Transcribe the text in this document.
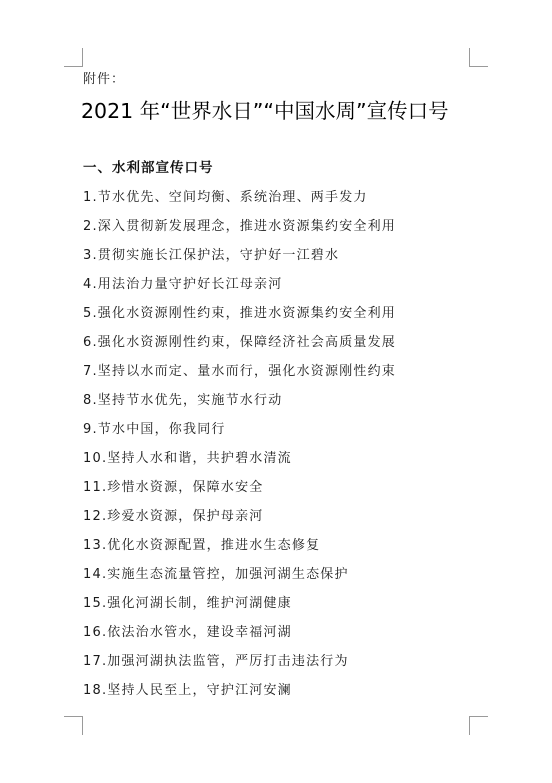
附件：
2021 年“世界水日”“中国水周”宣传口号
一、水利部宣传口号
1.节水优先、空间均衡、系统治理、两手发力
2.深入贯彻新发展理念，推进水资源集约安全利用
3.贯彻实施长江保护法，守护好一江碧水
4.用法治力量守护好长江母亲河
5.强化水资源刚性约束，推进水资源集约安全利用
6.强化水资源刚性约束，保障经济社会高质量发展
7.坚持以水而定、量水而行，强化水资源刚性约束
8.坚持节水优先，实施节水行动
9.节水中国，你我同行
10.坚持人水和谐，共护碧水清流
11.珍惜水资源，保障水安全
12.珍爱水资源，保护母亲河
13.优化水资源配置，推进水生态修复
14.实施生态流量管控，加强河湖生态保护
15.强化河湖长制，维护河湖健康
16.依法治水管水，建设幸福河湖
17.加强河湖执法监管，严厉打击违法行为
18.坚持人民至上，守护江河安澜
